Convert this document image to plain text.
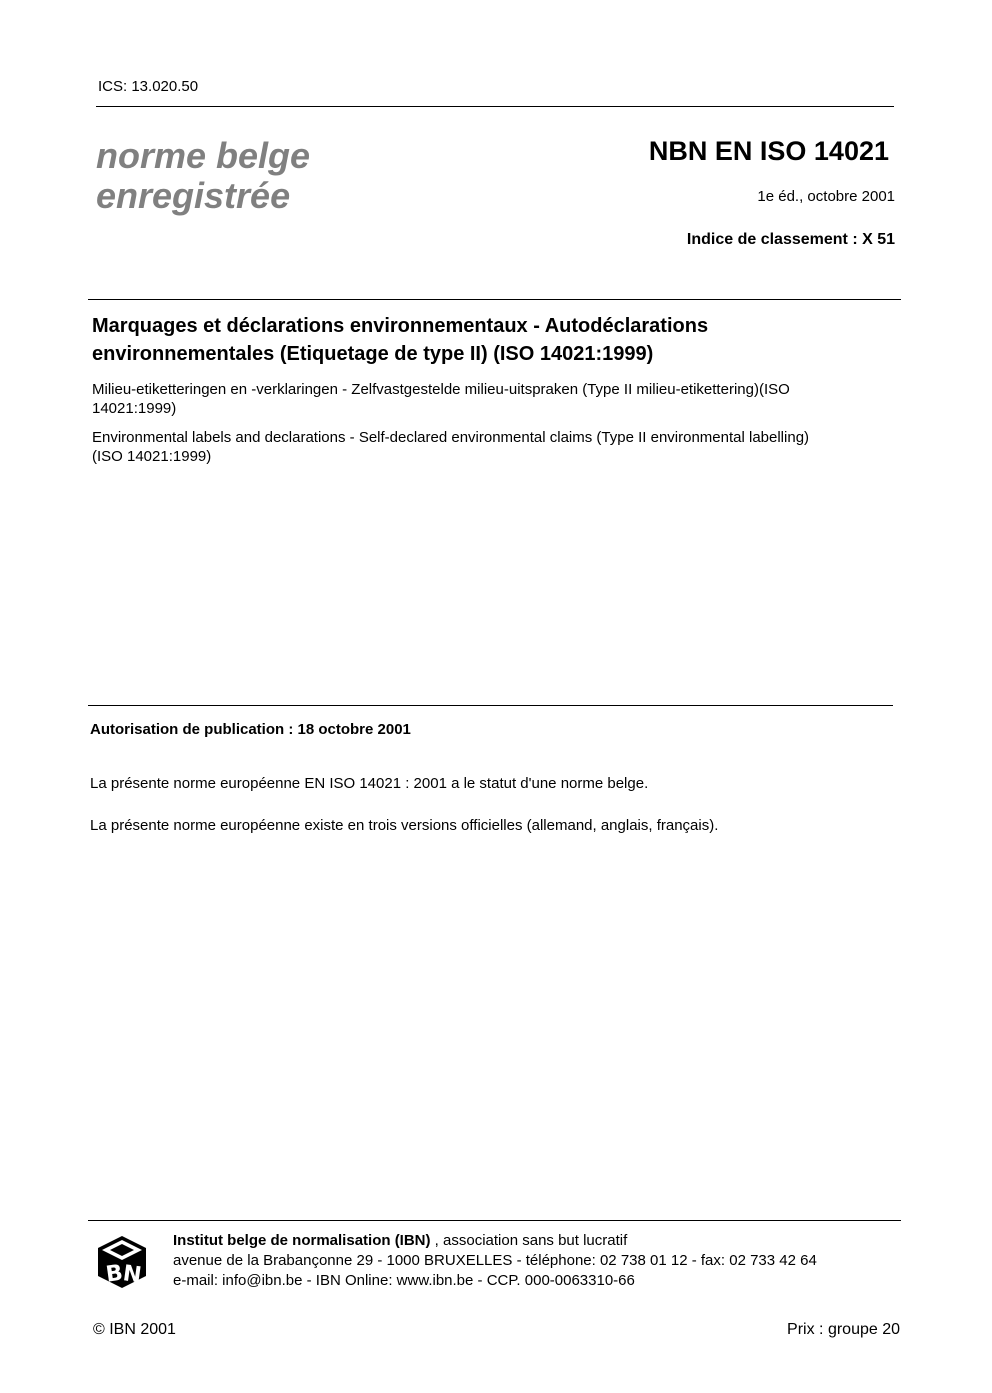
ICS: 13.020.50
norme belge
enregistrée
NBN EN ISO 14021
1e éd., octobre 2001
Indice de classement : X 51
Marquages et déclarations environnementaux - Autodéclarations
environnementales (Etiquetage de type II) (ISO 14021:1999)
Milieu-etiketteringen en -verklaringen - Zelfvastgestelde milieu-uitspraken (Type II milieu-etikettering)(ISO
14021:1999)
Environmental labels and declarations - Self-declared environmental claims (Type II environmental labelling)
(ISO 14021:1999)
Autorisation de publication : 18 octobre 2001
La présente norme européenne EN ISO 14021 : 2001 a le statut d'une norme belge.
La présente norme européenne existe en trois versions officielles (allemand, anglais, français).
B
N
Institut belge de normalisation (IBN) , association sans but lucratif
avenue de la Brabançonne 29 - 1000 BRUXELLES - téléphone: 02 738 01 12 - fax: 02 733 42 64
e-mail: info@ibn.be - IBN Online: www.ibn.be - CCP. 000-0063310-66
© IBN 2001	Prix : groupe 20
